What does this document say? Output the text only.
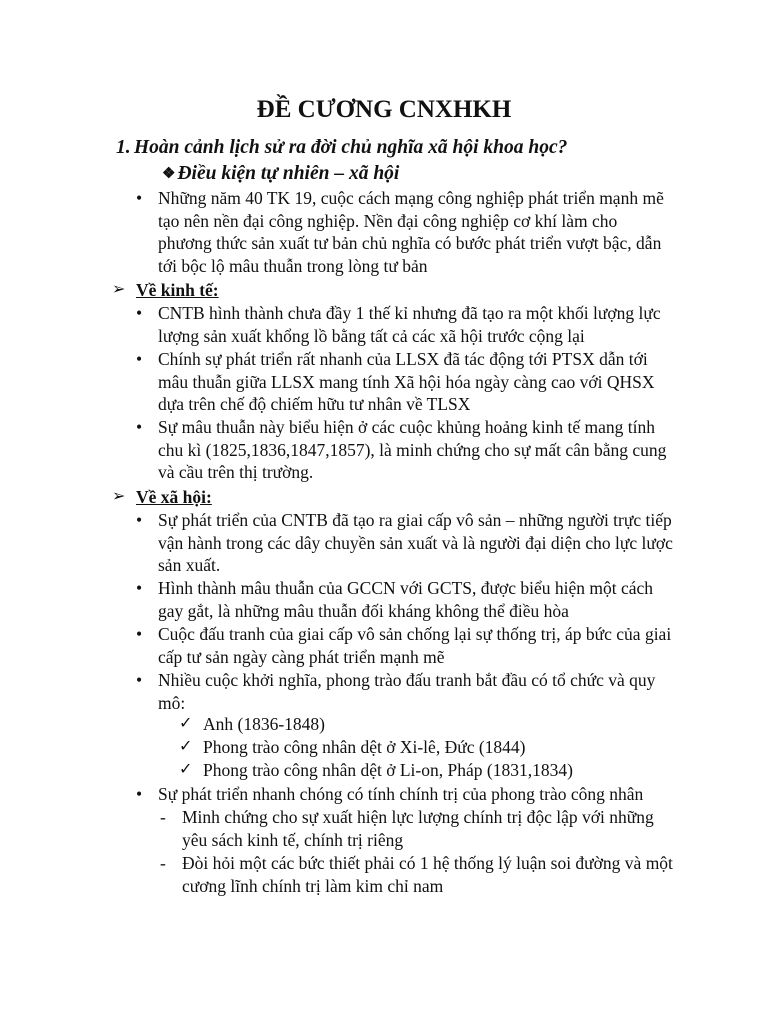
ĐỀ CƯƠNG CNXHKH
1. Hoàn cảnh lịch sử ra đời chủ nghĩa xã hội khoa học?
❖ Điều kiện tự nhiên – xã hội
• Những năm 40 TK 19, cuộc cách mạng công nghiệp phát triển mạnh mẽ tạo nên nền đại công nghiệp. Nền đại công nghiệp cơ khí làm cho phương thức sản xuất tư bản chủ nghĩa có bước phát triển vượt bậc, dẫn tới bộc lộ mâu thuẫn trong lòng tư bản
➢ Về kinh tế:
• CNTB hình thành chưa đầy 1 thế kỉ nhưng đã tạo ra một khối lượng lực lượng sản xuất khổng lồ bằng tất cả các xã hội trước cộng lại
• Chính sự phát triển rất nhanh của LLSX đã tác động tới PTSX dẫn tới mâu thuẫn giữa LLSX mang tính Xã hội hóa ngày càng cao với QHSX dựa trên chế độ chiếm hữu tư nhân về TLSX
• Sự mâu thuẫn này biểu hiện ở các cuộc khủng hoảng kinh tế mang tính chu kì (1825,1836,1847,1857), là minh chứng cho sự mất cân bằng cung và cầu trên thị trường.
➢ Về xã hội:
• Sự phát triển của CNTB đã tạo ra giai cấp vô sản – những người trực tiếp vận hành trong các dây chuyền sản xuất và là người đại diện cho lực lược sản xuất.
• Hình thành mâu thuẫn của GCCN với GCTS, được biểu hiện một cách gay gắt, là những mâu thuẫn đối kháng không thể điều hòa
• Cuộc đấu tranh của giai cấp vô sản chống lại sự thống trị, áp bức của giai cấp tư sản ngày càng phát triển mạnh mẽ
• Nhiều cuộc khởi nghĩa, phong trào đấu tranh bắt đầu có tổ chức và quy mô:
✓ Anh (1836-1848)
✓ Phong trào công nhân dệt ở Xi-lê, Đức (1844)
✓ Phong trào công nhân dệt ở Li-on, Pháp (1831,1834)
• Sự phát triển nhanh chóng có tính chính trị của phong trào công nhân
- Minh chứng cho sự xuất hiện lực lượng chính trị độc lập với những yêu sách kinh tế, chính trị riêng
- Đòi hỏi một các bức thiết phải có 1 hệ thống lý luận soi đường và một cương lĩnh chính trị làm kim chỉ nam
